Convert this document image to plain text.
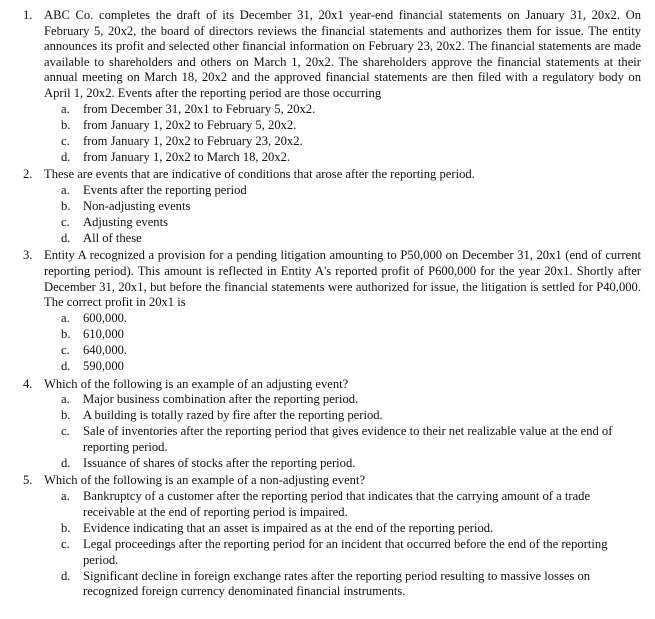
1. ABC Co. completes the draft of its December 31, 20x1 year-end financial statements on January 31, 20x2. On February 5, 20x2, the board of directors reviews the financial statements and authorizes them for issue. The entity announces its profit and selected other financial information on February 23, 20x2. The financial statements are made available to shareholders and others on March 1, 20x2. The shareholders approve the financial statements at their annual meeting on March 18, 20x2 and the approved financial statements are then filed with a regulatory body on April 1, 20x2. Events after the reporting period are those occurring
a. from December 31, 20x1 to February 5, 20x2.
b. from January 1, 20x2 to February 5, 20x2.
c. from January 1, 20x2 to February 23, 20x2.
d. from January 1, 20x2 to March 18, 20x2.
2. These are events that are indicative of conditions that arose after the reporting period.
a. Events after the reporting period
b. Non-adjusting events
c. Adjusting events
d. All of these
3. Entity A recognized a provision for a pending litigation amounting to P50,000 on December 31, 20x1 (end of current reporting period). This amount is reflected in Entity A's reported profit of P600,000 for the year 20x1. Shortly after December 31, 20x1, but before the financial statements were authorized for issue, the litigation is settled for P40,000. The correct profit in 20x1 is
a. 600,000.
b. 610,000
c. 640,000.
d. 590,000
4. Which of the following is an example of an adjusting event?
a. Major business combination after the reporting period.
b. A building is totally razed by fire after the reporting period.
c. Sale of inventories after the reporting period that gives evidence to their net realizable value at the end of reporting period.
d. Issuance of shares of stocks after the reporting period.
5. Which of the following is an example of a non-adjusting event?
a. Bankruptcy of a customer after the reporting period that indicates that the carrying amount of a trade receivable at the end of reporting period is impaired.
b. Evidence indicating that an asset is impaired as at the end of the reporting period.
c. Legal proceedings after the reporting period for an incident that occurred before the end of the reporting period.
d. Significant decline in foreign exchange rates after the reporting period resulting to massive losses on recognized foreign currency denominated financial instruments.
